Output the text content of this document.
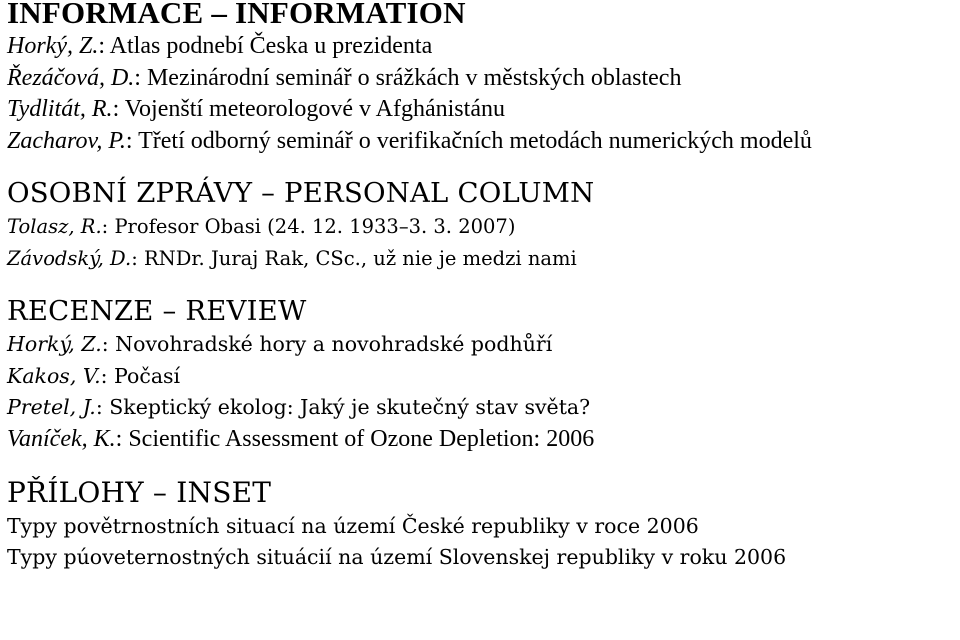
INFORMACE – INFORMATION
Horký, Z.: Atlas podnebí Česka u prezidenta
Řezáčová, D.: Mezinárodní seminář o srážkách v městských oblastech
Tydlitát, R.: Vojenští meteorologové v Afghánistánu
Zacharov, P.: Třetí odborný seminář o verifikačních metodách numerických modelů
OSOBNÍ ZPRÁVY – PERSONAL COLUMN
Tolasz, R.: Profesor Obasi (24. 12. 1933–3. 3. 2007)
Závodský, D.: RNDr. Juraj Rak, CSc., už nie je medzi nami
RECENZE – REVIEW
Horký, Z.: Novohradské hory a novohradské podhůří
Kakos, V.: Počasí
Pretel, J.: Skeptický ekolog: Jaký je skutečný stav světa?
Vaníček, K.: Scientific Assessment of Ozone Depletion: 2006
PŘÍLOHY – INSET
Typy povětrnostních situací na území České republiky v roce 2006
Typy púoveternostných situácií na území Slovenskej republiky v roku 2006
